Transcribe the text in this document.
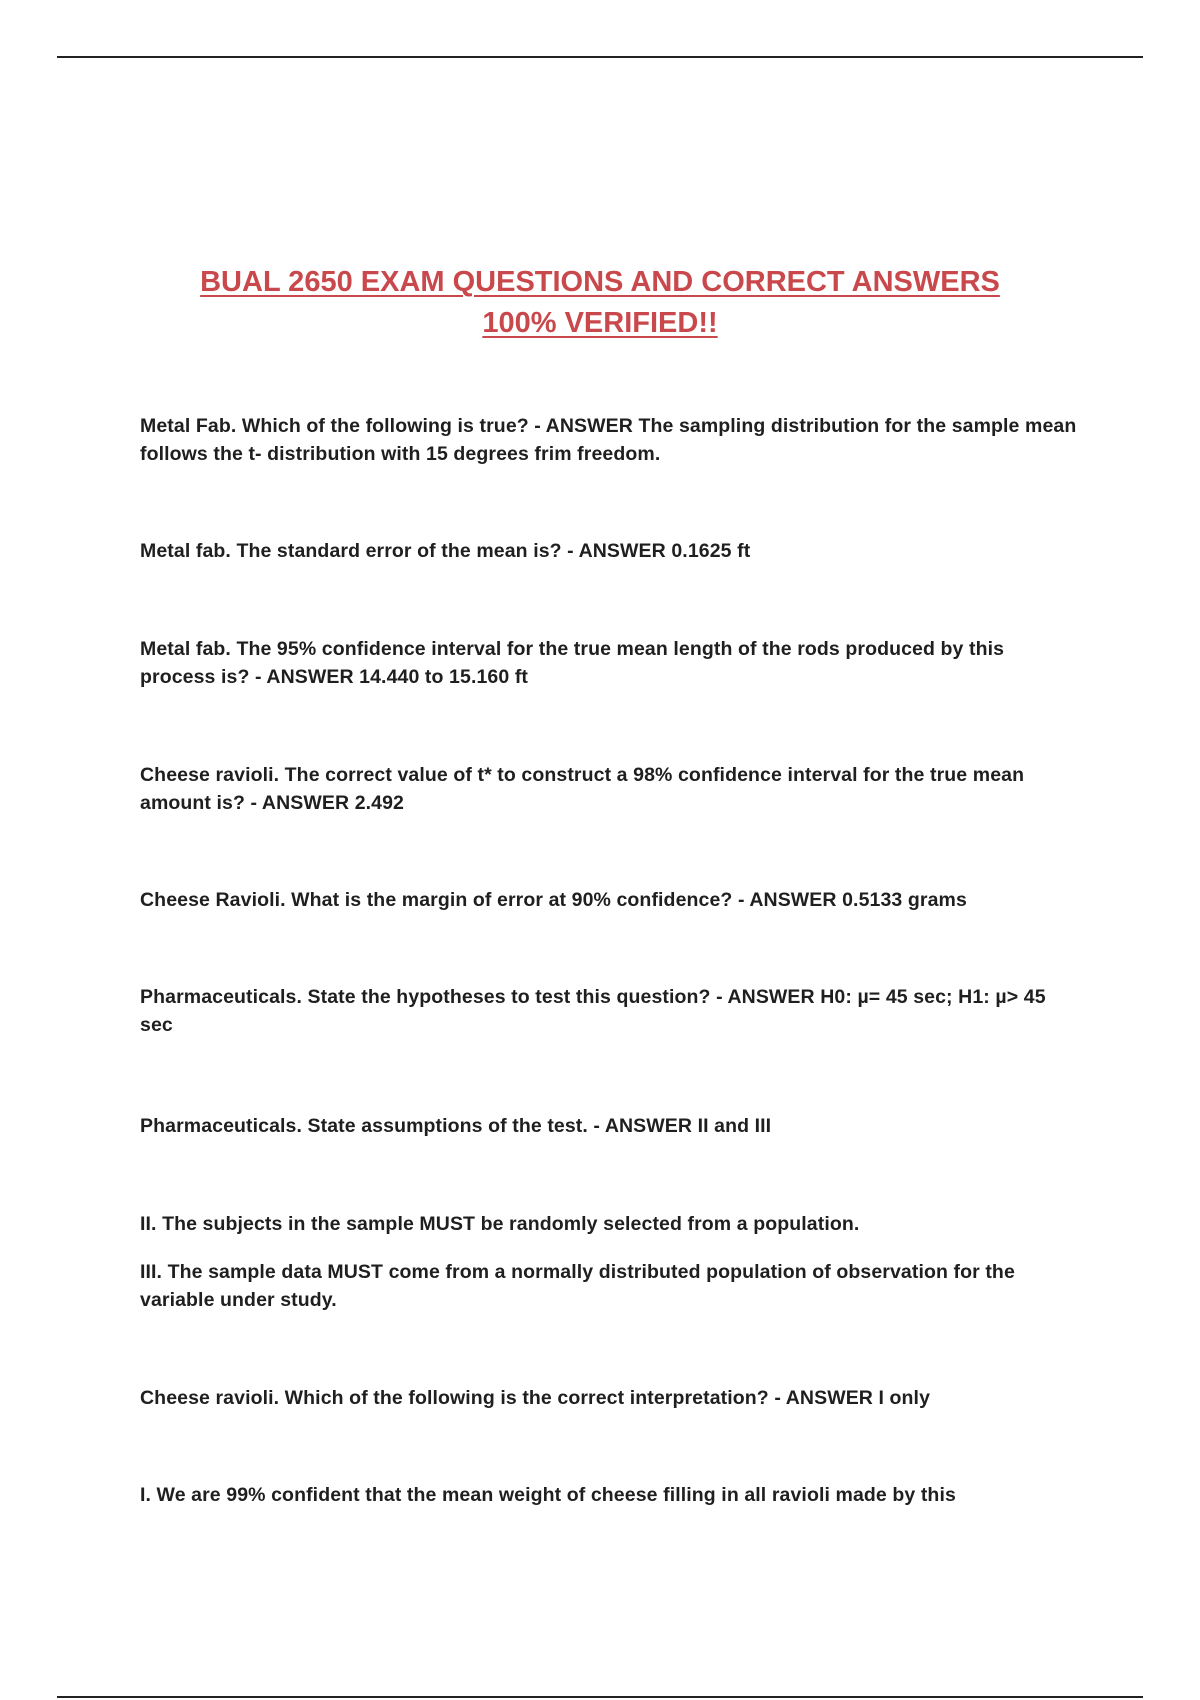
BUAL 2650 EXAM QUESTIONS AND CORRECT ANSWERS
100% VERIFIED!!
Metal Fab. Which of the following is true? - ANSWER The sampling distribution for the sample mean follows the t- distribution with 15 degrees frim freedom.
Metal fab. The standard error of the mean is? - ANSWER 0.1625 ft
Metal fab. The 95% confidence interval for the true mean length of the rods produced by this process is? - ANSWER 14.440 to 15.160 ft
Cheese ravioli. The correct value of t* to construct a 98% confidence interval for the true mean amount is? - ANSWER 2.492
Cheese Ravioli. What is the margin of error at 90% confidence? - ANSWER 0.5133 grams
Pharmaceuticals. State the hypotheses to test this question? - ANSWER H0: µ= 45 sec; H1: µ> 45 sec
Pharmaceuticals. State assumptions of the test. - ANSWER II and III
II. The subjects in the sample MUST be randomly selected from a population.
III. The sample data MUST come from a normally distributed population of observation for the variable under study.
Cheese ravioli. Which of the following is the correct interpretation? - ANSWER I only
I. We are 99% confident that the mean weight of cheese filling in all ravioli made by this
